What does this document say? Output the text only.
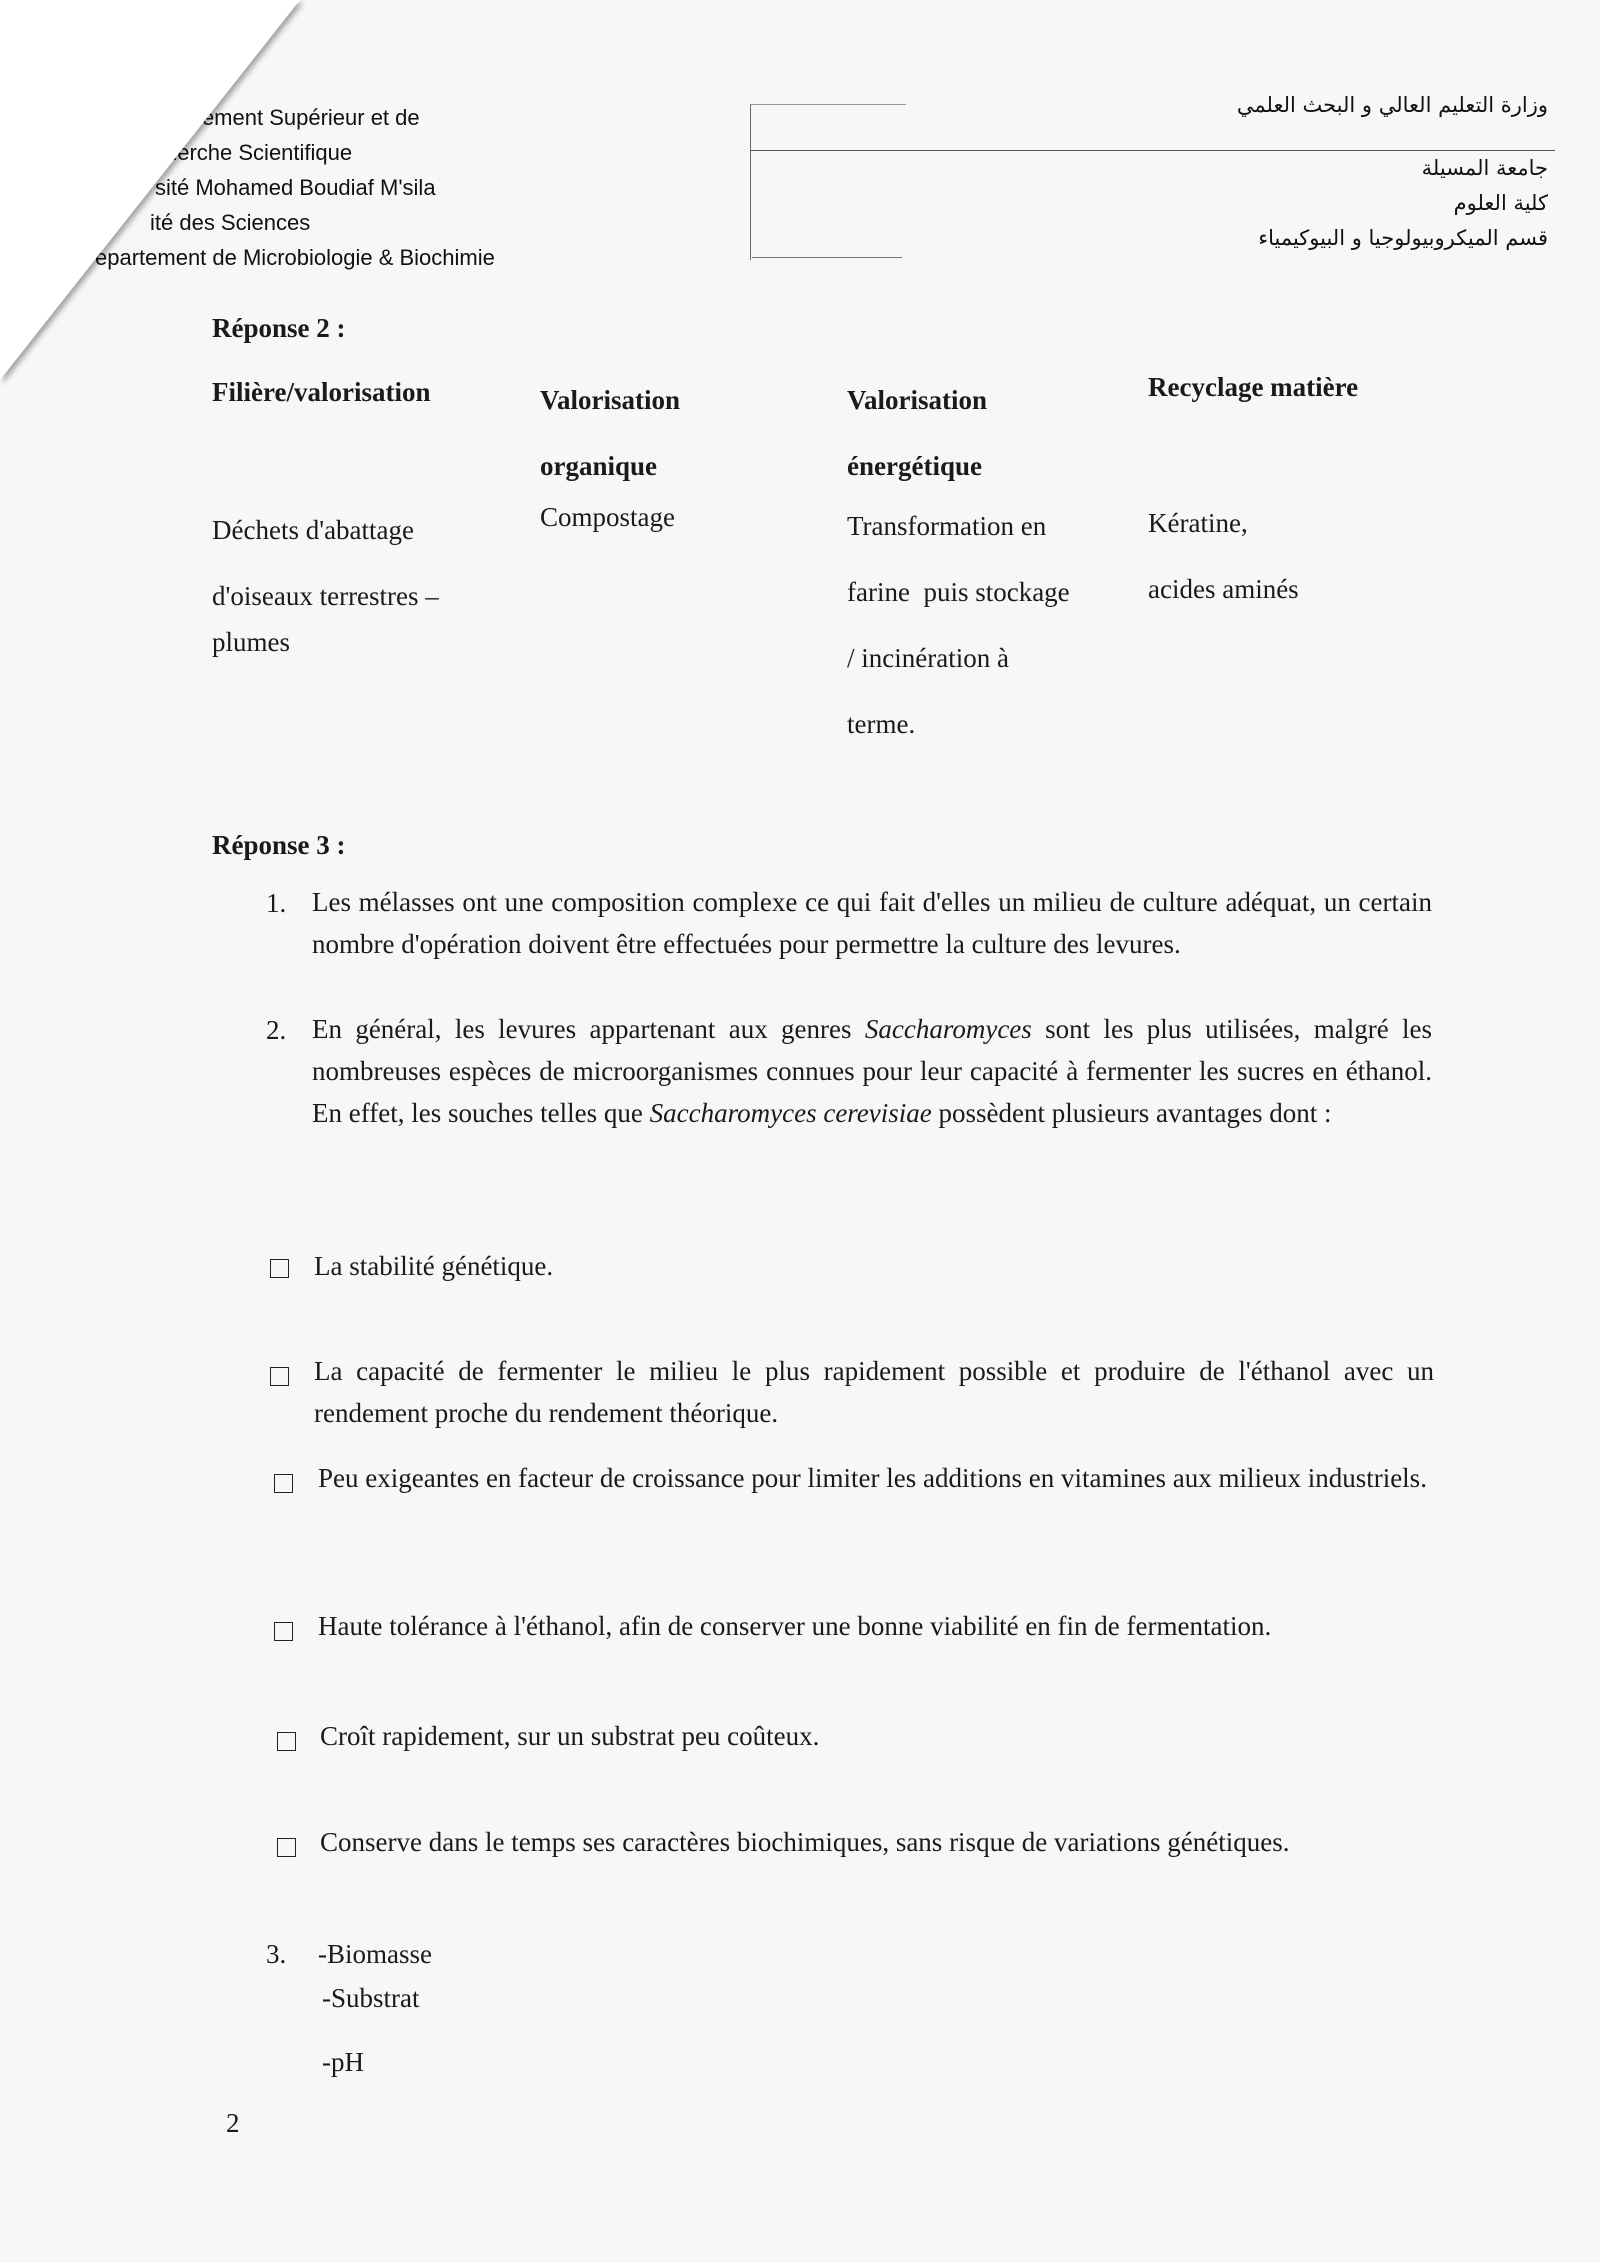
e l'Enseignement Supérieur et de
herche Scientifique
sité Mohamed Boudiaf M'sila
ité des Sciences
epartement de Microbiologie & Biochimie
وزارة التعليم العالي و البحث العلمي
جامعة المسيلة
كلية العلوم
قسم الميكروبيولوجيا و البيوكيمياء
Réponse 2 :
Filière/valorisation	Valorisation
organique
Valorisation
énergétique
Recyclage matière
Déchets d'abattage
d'oiseaux terrestres –
plumes
Compostage	Transformation en
farine  puis stockage
/ incinération à
terme.
Kératine,
acides aminés
Réponse 3 :
1. Les mélasses ont une composition complexe ce qui fait d'elles un milieu de culture adéquat, un certain nombre d'opération doivent être effectuées pour permettre la culture des levures.
2. En général, les levures appartenant aux genres Saccharomyces sont les plus utilisées, malgré les nombreuses espèces de microorganismes connues pour leur capacité à fermenter les sucres en éthanol. En effet, les souches telles que Saccharomyces cerevisiae possèdent plusieurs avantages dont :
La stabilité génétique.
La capacité de fermenter le milieu le plus rapidement possible et produire de l'éthanol avec un rendement proche du rendement théorique.
Peu exigeantes en facteur de croissance pour limiter les additions en vitamines aux milieux industriels.
Haute tolérance à l'éthanol, afin de conserver une bonne viabilité en fin de fermentation.
Croît rapidement, sur un substrat peu coûteux.
Conserve dans le temps ses caractères biochimiques, sans risque de variations génétiques.
3. -Biomasse
-Substrat
-pH
2
